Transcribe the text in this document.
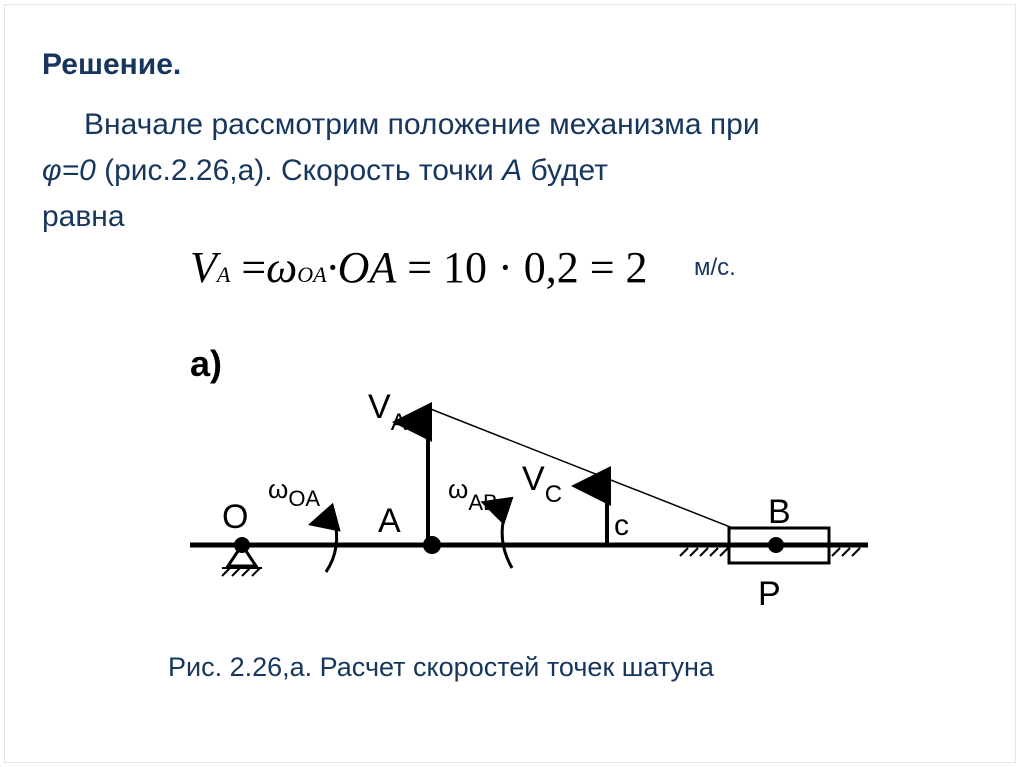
Решение.
Вначале рассмотрим положение механизма при
φ=0 (рис.2.26,а). Скорость точки А будет
равна
VA =ωOA·OA = 10 · 0,2 = 2 м/с.
а)
O	A
$V_A$
$V_C$
c
$\omega_{OA}$	$\omega_{AB}$	B
P
Рис. 2.26,а. Расчет скоростей точек шатуна
